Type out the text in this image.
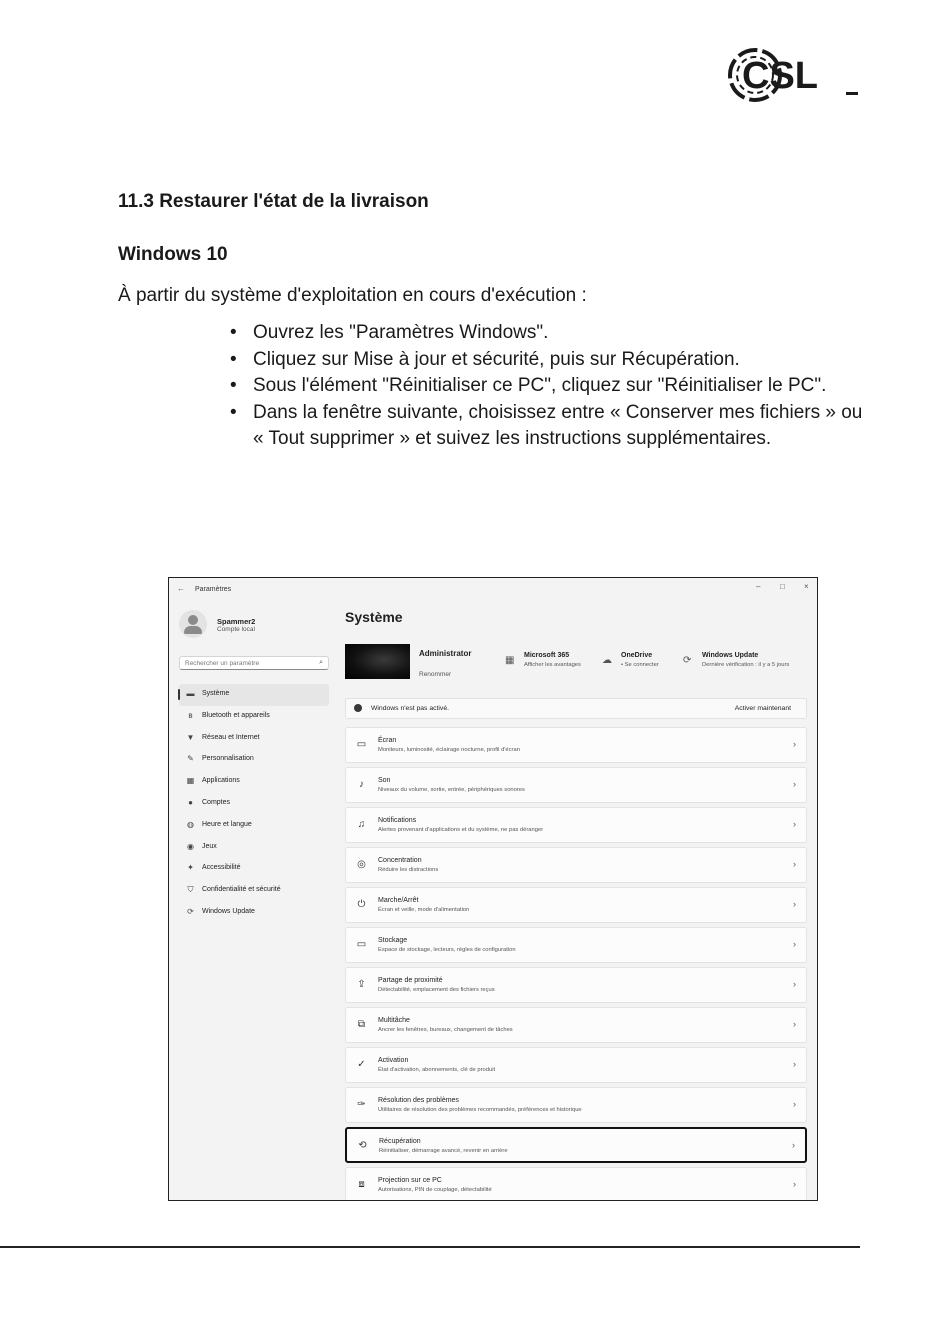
CSL
11.3 Restaurer l'état de la livraison
Windows 10

À partir du système d'exploitation en cours d'exécution :

• Ouvrez les "Paramètres Windows".
• Cliquez sur Mise à jour et sécurité, puis sur Récupération.
• Sous l'élément "Réinitialiser ce PC", cliquez sur "Réinitialiser le PC".
• Dans la fenêtre suivante, choisissez entre « Conserver mes fichiers » ou « Tout supprimer » et suivez les instructions supplémentaires.
← Paramètres	– □ ×
Spammer2
Compte local
Rechercher un paramètre	⌕
▬ Système
ʙ	Bluetooth et appareils
▼ Réseau et Internet
✎	Personnalisation
▦ Applications
●	Comptes
◍ Heure et langue
◉ Jeux
✦	Accessibilité
⛉	Confidentialité et sécurité
⟳	Windows Update
Système
Administrator
Renommer
▦ Microsoft 365
Afficher les avantages ☁ OneDrive
• Se connecter ⟳ Windows Update
Dernière vérification : il y a 5 jours
Windows n'est pas activé.	Activer maintenant
▭ Écran
Moniteurs, luminosité, éclairage nocturne, profil d'écran
›
♪	Son
Niveaux du volume, sortie, entrée, périphériques sonores
›
♫	Notifications
Alertes provenant d'applications et du système, ne pas déranger
›
◎	Concentration
Réduire les distractions
›
⏻	Marche/Arrêt
Écran et veille, mode d'alimentation
›
▭ Stockage
Espace de stockage, lecteurs, règles de configuration
›
⇪	Partage de proximité
Détectabilité, emplacement des fichiers reçus
›
⧉	Multitâche
Ancrer les fenêtres, bureaux, changement de tâches
›
✓	Activation
État d'activation, abonnements, clé de produit
›
✑	Résolution des problèmes
Utilitaires de résolution des problèmes recommandés, préférences et historique
›
⟲	Récupération
Réinitialiser, démarrage avancé, revenir en arrière
›
⧈	Projection sur ce PC
Autorisations, PIN de couplage, détectabilité
›
